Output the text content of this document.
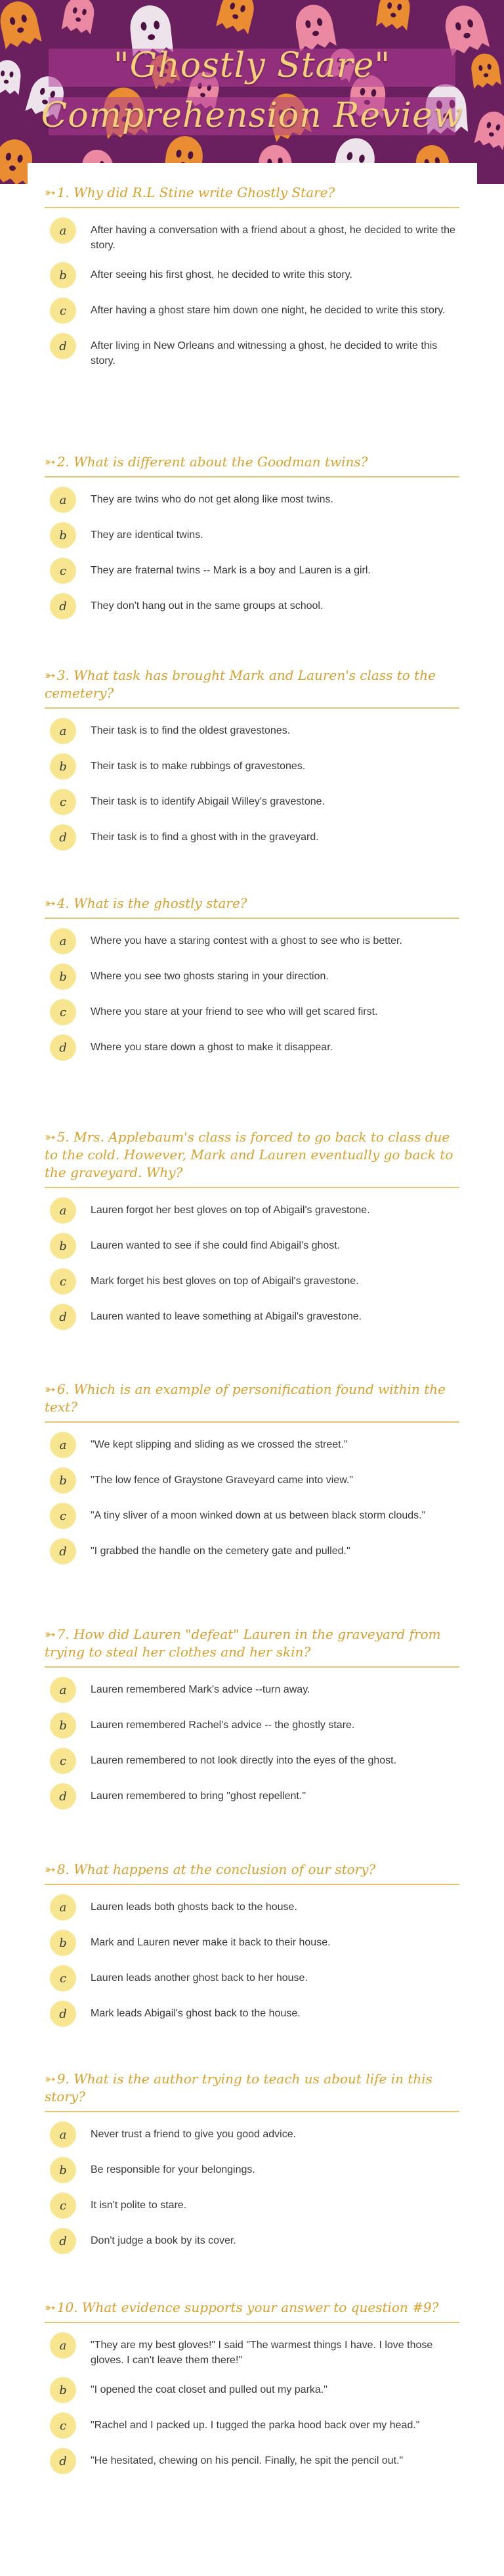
"Ghostly Stare"
Comprehension Review
➳ 1. Why did R.L Stine write Ghostly Stare?
a	After having a conversation with a friend about a ghost, he decided to write the story.
b	After seeing his first ghost, he decided to write this story.
c	After having a ghost stare him down one night, he decided to write this story.
d	After living in New Orleans and witnessing a ghost, he decided to write this story.
➳ 2. What is different about the Goodman twins?
a	They are twins who do not get along like most twins.
b	They are identical twins.
c	They are fraternal twins -- Mark is a boy and Lauren is a girl.
d	They don't hang out in the same groups at school.
➳ 3. What task has brought Mark and Lauren's class to the cemetery?
a	Their task is to find the oldest gravestones.
b	Their task is to make rubbings of gravestones.
c	Their task is to identify Abigail Willey's gravestone.
d	Their task is to find a ghost with in the graveyard.
➳ 4. What is the ghostly stare?
a	Where you have a staring contest with a ghost to see who is better.
b	Where you see two ghosts staring in your direction.
c	Where you stare at your friend to see who will get scared first.
d	Where you stare down a ghost to make it disappear.
➳ 5. Mrs. Applebaum's class is forced to go back to class due to the cold. However, Mark and Lauren eventually go back to the graveyard. Why?
a	Lauren forgot her best gloves on top of Abigail's gravestone.
b	Lauren wanted to see if she could find Abigail's ghost.
c	Mark forget his best gloves on top of Abigail's gravestone.
d	Lauren wanted to leave something at Abigail's gravestone.
➳ 6. Which is an example of personification found within the text?
a	"We kept slipping and sliding as we crossed the street."
b	"The low fence of Graystone Graveyard came into view."
c	"A tiny sliver of a moon winked down at us between black storm clouds."
d	"I grabbed the handle on the cemetery gate and pulled."
➳ 7. How did Lauren "defeat" Lauren in the graveyard from trying to steal her clothes and her skin?
a	Lauren remembered Mark's advice --turn away.
b	Lauren remembered Rachel's advice -- the ghostly stare.
c	Lauren remembered to not look directly into the eyes of the ghost.
d	Lauren remembered to bring "ghost repellent."
➳ 8. What happens at the conclusion of our story?
a	Lauren leads both ghosts back to the house.
b	Mark and Lauren never make it back to their house.
c	Lauren leads another ghost back to her house.
d	Mark leads Abigail's ghost back to the house.
➳ 9. What is the author trying to teach us about life in this story?
a	Never trust a friend to give you good advice.
b	Be responsible for your belongings.
c	It isn't polite to stare.
d	Don't judge a book by its cover.
➳ 10. What evidence supports your answer to question #9?
a	"They are my best gloves!" I said "The warmest things I have. I love those gloves. I can't leave them there!"
b	"I opened the coat closet and pulled out my parka."
c	"Rachel and I packed up. I tugged the parka hood back over my head."
d	"He hesitated, chewing on his pencil. Finally, he spit the pencil out."
